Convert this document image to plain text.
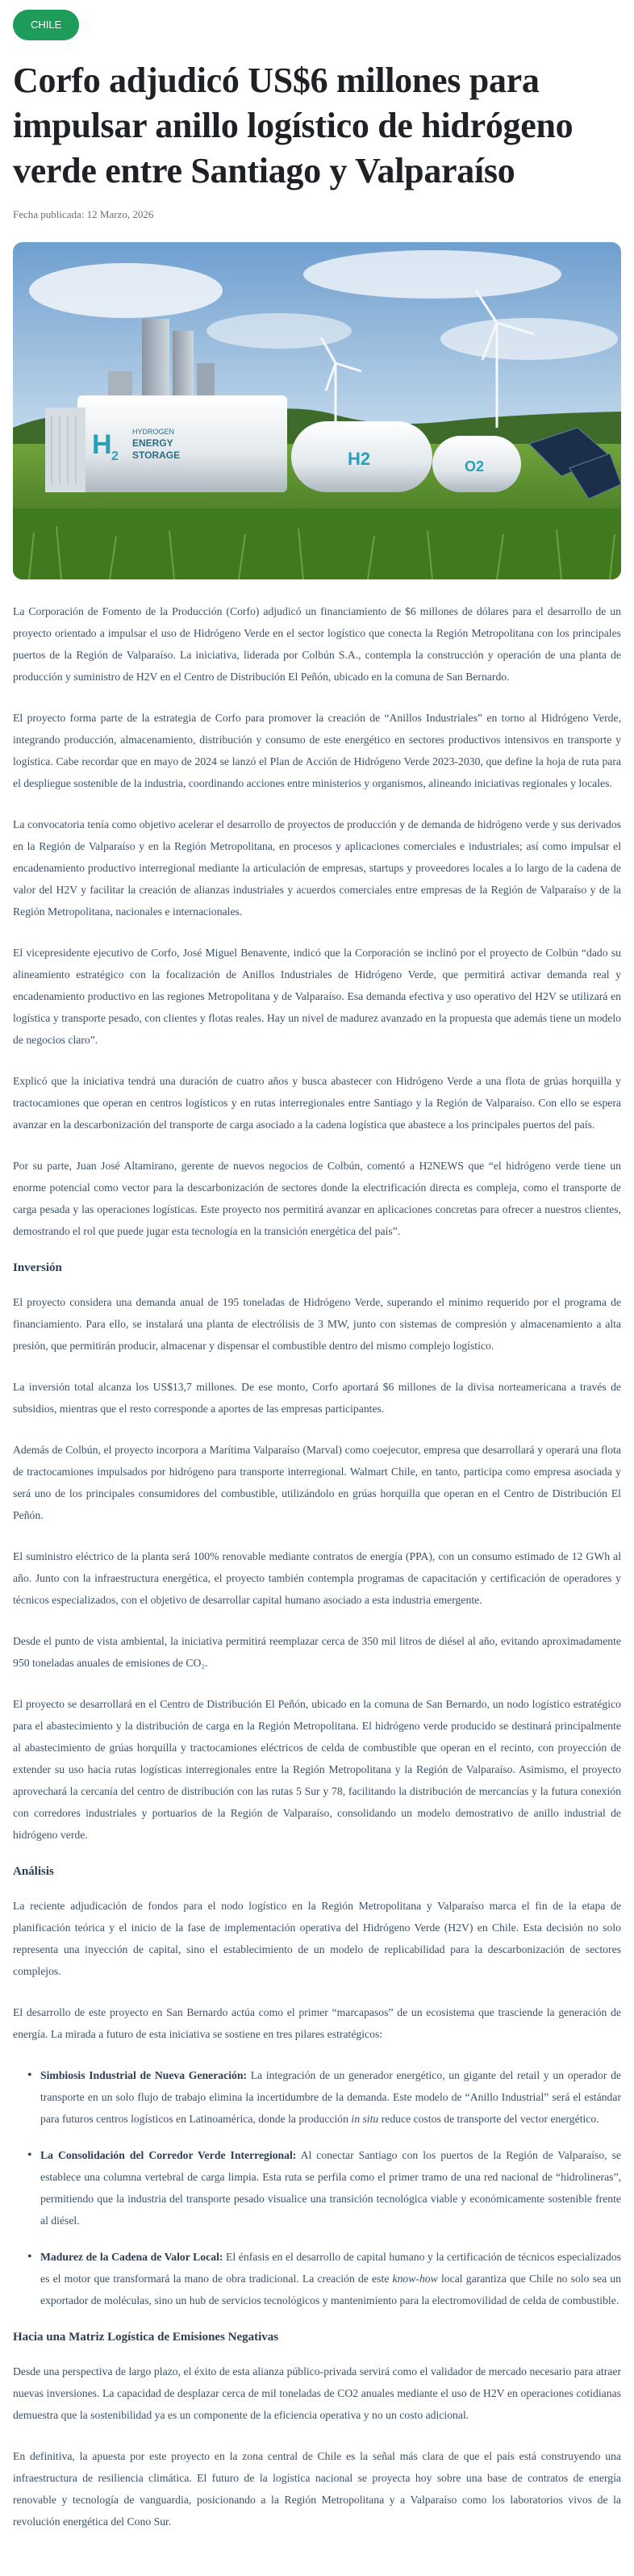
CHILE
Corfo adjudicó US$6 millones para impulsar anillo logístico de hidrógeno verde entre Santiago y Valparaíso
Fecha publicada: 12 Marzo, 2026
H 2
HYDROGEN
ENERGY
STORAGE	H2	O2

La Corporación de Fomento de la Producción (Corfo) adjudicó un financiamiento de $6 millones de dólares para el desarrollo de un proyecto orientado a impulsar el uso de Hidrógeno Verde en el sector logístico que conecta la Región Metropolitana con los principales puertos de la Región de Valparaíso. La iniciativa, liderada por Colbún S.A., contempla la construcción y operación de una planta de producción y suministro de H2V en el Centro de Distribución El Peñón, ubicado en la comuna de San Bernardo.

El proyecto forma parte de la estrategia de Corfo para promover la creación de “Anillos Industriales” en torno al Hidrógeno Verde, integrando producción, almacenamiento, distribución y consumo de este energético en sectores productivos intensivos en transporte y logística. Cabe recordar que en mayo de 2024 se lanzó el Plan de Acción de Hidrógeno Verde 2023-2030, que define la hoja de ruta para el despliegue sostenible de la industria, coordinando acciones entre ministerios y organismos, alineando iniciativas regionales y locales.

La convocatoria tenía como objetivo acelerar el desarrollo de proyectos de producción y de demanda de hidrógeno verde y sus derivados en la Región de Valparaíso y en la Región Metropolitana, en procesos y aplicaciones comerciales e industriales; así como impulsar el encadenamiento productivo interregional mediante la articulación de empresas, startups y proveedores locales a lo largo de la cadena de valor del H2V y facilitar la creación de alianzas industriales y acuerdos comerciales entre empresas de la Región de Valparaíso y de la Región Metropolitana, nacionales e internacionales.

El vicepresidente ejecutivo de Corfo, José Miguel Benavente, indicó que la Corporación se inclinó por el proyecto de Colbún “dado su alineamiento estratégico con la focalización de Anillos Industriales de Hidrógeno Verde, que permitirá activar demanda real y encadenamiento productivo en las regiones Metropolitana y de Valparaíso. Esa demanda efectiva y uso operativo del H2V se utilizará en logística y transporte pesado, con clientes y flotas reales. Hay un nivel de madurez avanzado en la propuesta que además tiene un modelo de negocios claro”.

Explicó que la iniciativa tendrá una duración de cuatro años y busca abastecer con Hidrógeno Verde a una flota de grúas horquilla y tractocamiones que operan en centros logísticos y en rutas interregionales entre Santiago y la Región de Valparaíso. Con ello se espera avanzar en la descarbonización del transporte de carga asociado a la cadena logística que abastece a los principales puertos del país.

Por su parte, Juan José Altamirano, gerente de nuevos negocios de Colbún, comentó a H2NEWS que “el hidrógeno verde tiene un enorme potencial como vector para la descarbonización de sectores donde la electrificación directa es compleja, como el transporte de carga pesada y las operaciones logísticas. Este proyecto nos permitirá avanzar en aplicaciones concretas para ofrecer a nuestros clientes, demostrando el rol que puede jugar esta tecnología en la transición energética del país”.

Inversión

El proyecto considera una demanda anual de 195 toneladas de Hidrógeno Verde, superando el mínimo requerido por el programa de financiamiento. Para ello, se instalará una planta de electrólisis de 3 MW, junto con sistemas de compresión y almacenamiento a alta presión, que permitirán producir, almacenar y dispensar el combustible dentro del mismo complejo logístico.

La inversión total alcanza los US$13,7 millones. De ese monto, Corfo aportará $6 millones de la divisa norteamericana a través de subsidios, mientras que el resto corresponde a aportes de las empresas participantes.

Además de Colbún, el proyecto incorpora a Marítima Valparaíso (Marval) como coejecutor, empresa que desarrollará y operará una flota de tractocamiones impulsados por hidrógeno para transporte interregional. Walmart Chile, en tanto, participa como empresa asociada y será uno de los principales consumidores del combustible, utilizándolo en grúas horquilla que operan en el Centro de Distribución El Peñón.

El suministro eléctrico de la planta será 100% renovable mediante contratos de energía (PPA), con un consumo estimado de 12 GWh al año. Junto con la infraestructura energética, el proyecto también contempla programas de capacitación y certificación de operadores y técnicos especializados, con el objetivo de desarrollar capital humano asociado a esta industria emergente.

Desde el punto de vista ambiental, la iniciativa permitirá reemplazar cerca de 350 mil litros de diésel al año, evitando aproximadamente 950 toneladas anuales de emisiones de CO₂.

El proyecto se desarrollará en el Centro de Distribución El Peñón, ubicado en la comuna de San Bernardo, un nodo logístico estratégico para el abastecimiento y la distribución de carga en la Región Metropolitana. El hidrógeno verde producido se destinará principalmente al abastecimiento de grúas horquilla y tractocamiones eléctricos de celda de combustible que operan en el recinto, con proyección de extender su uso hacia rutas logísticas interregionales entre la Región Metropolitana y la Región de Valparaíso. Asimismo, el proyecto aprovechará la cercanía del centro de distribución con las rutas 5 Sur y 78, facilitando la distribución de mercancías y la futura conexión con corredores industriales y portuarios de la Región de Valparaíso, consolidando un modelo demostrativo de anillo industrial de hidrógeno verde.

Análisis

La reciente adjudicación de fondos para el nodo logístico en la Región Metropolitana y Valparaíso marca el fin de la etapa de planificación teórica y el inicio de la fase de implementación operativa del Hidrógeno Verde (H2V) en Chile. Esta decisión no solo representa una inyección de capital, sino el establecimiento de un modelo de replicabilidad para la descarbonización de sectores complejos.

El desarrollo de este proyecto en San Bernardo actúa como el primer “marcapasos” de un ecosistema que trasciende la generación de energía. La mirada a futuro de esta iniciativa se sostiene en tres pilares estratégicos:

• Simbiosis Industrial de Nueva Generación: La integración de un generador energético, un gigante del retail y un operador de transporte en un solo flujo de trabajo elimina la incertidumbre de la demanda. Este modelo de “Anillo Industrial” será el estándar para futuros centros logísticos en Latinoamérica, donde la producción in situ reduce costos de transporte del vector energético.
• La Consolidación del Corredor Verde Interregional: Al conectar Santiago con los puertos de la Región de Valparaíso, se establece una columna vertebral de carga limpia. Esta ruta se perfila como el primer tramo de una red nacional de “hidrolineras”, permitiendo que la industria del transporte pesado visualice una transición tecnológica viable y económicamente sostenible frente al diésel.
• Madurez de la Cadena de Valor Local: El énfasis en el desarrollo de capital humano y la certificación de técnicos especializados es el motor que transformará la mano de obra tradicional. La creación de este know-how local garantiza que Chile no solo sea un exportador de moléculas, sino un hub de servicios tecnológicos y mantenimiento para la electromovilidad de celda de combustible.
Hacia una Matriz Logística de Emisiones Negativas

Desde una perspectiva de largo plazo, el éxito de esta alianza público-privada servirá como el validador de mercado necesario para atraer nuevas inversiones. La capacidad de desplazar cerca de mil toneladas de CO2 anuales mediante el uso de H2V en operaciones cotidianas demuestra que la sostenibilidad ya es un componente de la eficiencia operativa y no un costo adicional.

En definitiva, la apuesta por este proyecto en la zona central de Chile es la señal más clara de que el país está construyendo una infraestructura de resiliencia climática. El futuro de la logística nacional se proyecta hoy sobre una base de contratos de energía renovable y tecnología de vanguardia, posicionando a la Región Metropolitana y a Valparaíso como los laboratorios vivos de la revolución energética del Cono Sur.
